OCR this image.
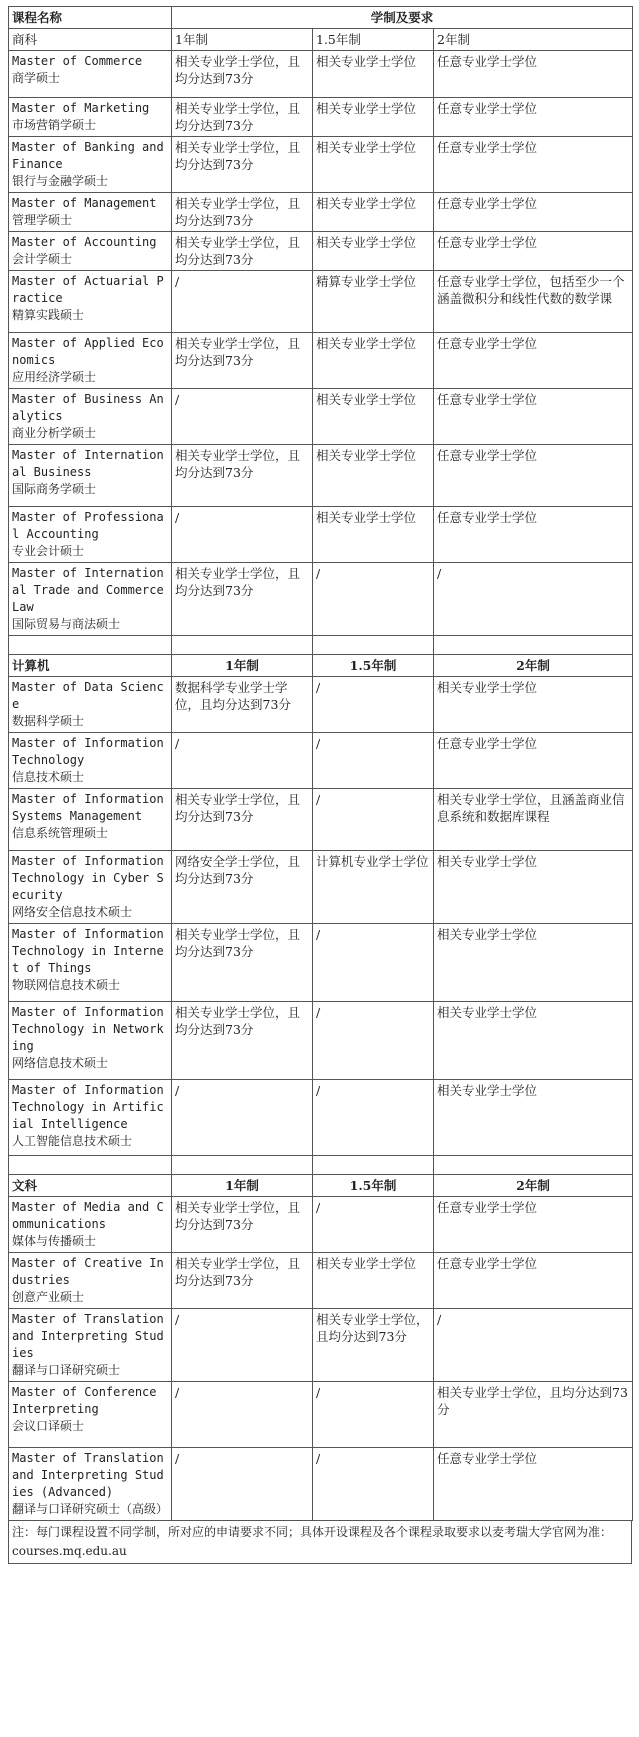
课程名称	学制及要求		
商科	1年制	1.5年制	2年制

Master of Commerce
商学硕士	相关专业学士学位，且均分达到73分	相关专业学士学位	任意专业学士学位

Master of Marketing
市场营销学硕士	相关专业学士学位，且均分达到73分	相关专业学士学位	任意专业学士学位

Master of Banking and Finance
银行与金融学硕士	相关专业学士学位，且均分达到73分	相关专业学士学位	任意专业学士学位

Master of Management
管理学硕士	相关专业学士学位，且均分达到73分	相关专业学士学位	任意专业学士学位

Master of Accounting
会计学硕士	相关专业学士学位，且均分达到73分	相关专业学士学位	任意专业学士学位

Master of Actuarial Practice
精算实践硕士	/	精算专业学士学位	任意专业学士学位，包括至少一个涵盖微积分和线性代数的数学课

Master of Applied Economics
应用经济学硕士	相关专业学士学位，且均分达到73分	相关专业学士学位	任意专业学士学位

Master of Business Analytics
商业分析学硕士	/	相关专业学士学位	任意专业学士学位

Master of International Business
国际商务学硕士	相关专业学士学位，且均分达到73分	相关专业学士学位	任意专业学士学位

Master of Professional Accounting
专业会计硕士	/	相关专业学士学位	任意专业学士学位

Master of International Trade and Commerce Law
国际贸易与商法硕士	相关专业学士学位，且均分达到73分	/	/

计算机	1年制	1.5年制	2年制

Master of Data Science
数据科学硕士	数据科学专业学士学位，且均分达到73分	/	相关专业学士学位

Master of Information Technology
信息技术硕士	/	/	任意专业学士学位

Master of Information Systems Management
信息系统管理硕士	相关专业学士学位，且均分达到73分	/	相关专业学士学位，且涵盖商业信息系统和数据库课程

Master of Information Technology in Cyber Security
网络安全信息技术硕士	网络安全学士学位，且均分达到73分	计算机专业学士学位	相关专业学士学位

Master of Information Technology in Internet of Things
物联网信息技术硕士	相关专业学士学位，且均分达到73分	/	相关专业学士学位

Master of Information Technology in Networking
网络信息技术硕士	相关专业学士学位，且均分达到73分	/	相关专业学士学位

Master of Information Technology in Artificial Intelligence
人工智能信息技术硕士	/	/	相关专业学士学位

文科	1年制	1.5年制	2年制

Master of Media and Communications
媒体与传播硕士	相关专业学士学位，且均分达到73分	/	任意专业学士学位

Master of Creative Industries
创意产业硕士	相关专业学士学位，且均分达到73分	相关专业学士学位	任意专业学士学位

Master of Translation and Interpreting Studies
翻译与口译研究硕士	/	相关专业学士学位，且均分达到73分	/

Master of Conference Interpreting
会议口译硕士	/	/	相关专业学士学位，且均分达到73分

Master of Translation and Interpreting Studies (Advanced)
翻译与口译研究硕士（高级）	/	/	任意专业学士学位
注：每门课程设置不同学制，所对应的申请要求不同；具体开设课程及各个课程录取要求以麦考瑞大学官网为准：courses.mq.edu.au
